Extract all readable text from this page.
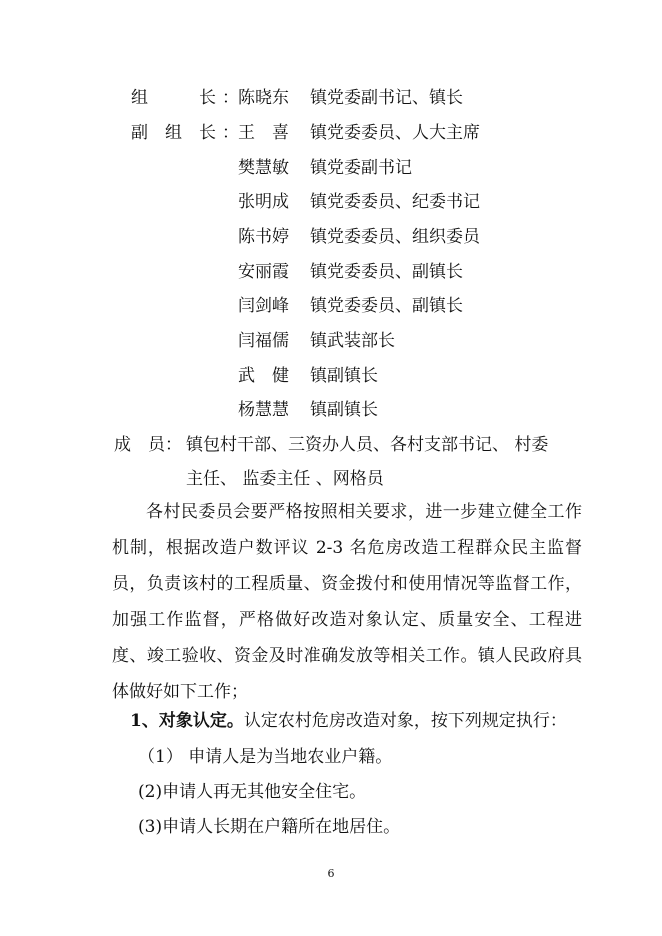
组　　　长 ： 陈晓东 镇党委副书记、镇长
副　组　长 ： 王　喜 镇党委委员、人大主席
樊慧敏 镇党委副书记
张明成 镇党委委员、纪委书记
陈书婷 镇党委委员、组织委员
安丽霞 镇党委委员、副镇长
闫剑峰 镇党委委员、副镇长
闫福儒 镇武装部长
武　健 镇副镇长
杨慧慧 镇副镇长
成　员： 镇包村干部、三资办人员、各村支部书记、 村委
主任、 监委主任 、网格员
各村民委员会要严格按照相关要求，进一步建立健全工作机制，根据改造户数评议 2-3 名危房改造工程群众民主监督员，负责该村的工程质量、资金拨付和使用情况等监督工作，加强工作监督，严格做好改造对象认定、质量安全、工程进度、竣工验收、资金及时准确发放等相关工作。镇人民政府具体做好如下工作；
1、对象认定。认定农村危房改造对象，按下列规定执行：
（1） 申请人是为当地农业户籍。
(2)申请人再无其他安全住宅。
(3)申请人长期在户籍所在地居住。
6
